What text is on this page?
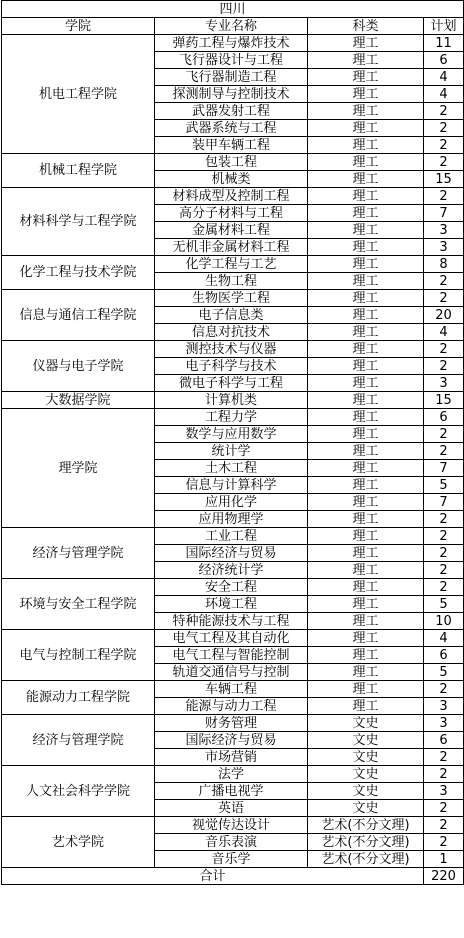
四川			
学院	专业名称	科类	计划
机电工程学院	弹药工程与爆炸技术	理工	11
	飞行器设计与工程	理工	6
	飞行器制造工程	理工	4
	探测制导与控制技术	理工	4
	武器发射工程	理工	2
	武器系统与工程	理工	2
	装甲车辆工程	理工	2
机械工程学院	包装工程	理工	2
	机械类	理工	15
材料科学与工程学院	材料成型及控制工程	理工	2
	高分子材料与工程	理工	7
	金属材料工程	理工	3
	无机非金属材料工程	理工	3
化学工程与技术学院	化学工程与工艺	理工	8
	生物工程	理工	2
信息与通信工程学院	生物医学工程	理工	2
	电子信息类	理工	20
	信息对抗技术	理工	4
仪器与电子学院	测控技术与仪器	理工	2
	电子科学与技术	理工	2
	微电子科学与工程	理工	3
大数据学院	计算机类	理工	15
理学院	工程力学	理工	6
	数学与应用数学	理工	2
	统计学	理工	2
	土木工程	理工	7
	信息与计算科学	理工	5
	应用化学	理工	7
	应用物理学	理工	2
经济与管理学院	工业工程	理工	2
	国际经济与贸易	理工	2
	经济统计学	理工	2
环境与安全工程学院	安全工程	理工	2
	环境工程	理工	5
	特种能源技术与工程	理工	10
电气与控制工程学院	电气工程及其自动化	理工	4
	电气工程与智能控制	理工	6
	轨道交通信号与控制	理工	5
能源动力工程学院	车辆工程	理工	2
	能源与动力工程	理工	3
经济与管理学院	财务管理	文史	3
	国际经济与贸易	文史	6
	市场营销	文史	2
人文社会科学学院	法学	文史	2
	广播电视学	文史	3
	英语	文史	2
艺术学院	视觉传达设计	艺术(不分文理)	2
	音乐表演	艺术(不分文理)	2
	音乐学	艺术(不分文理)	1
合计			220
